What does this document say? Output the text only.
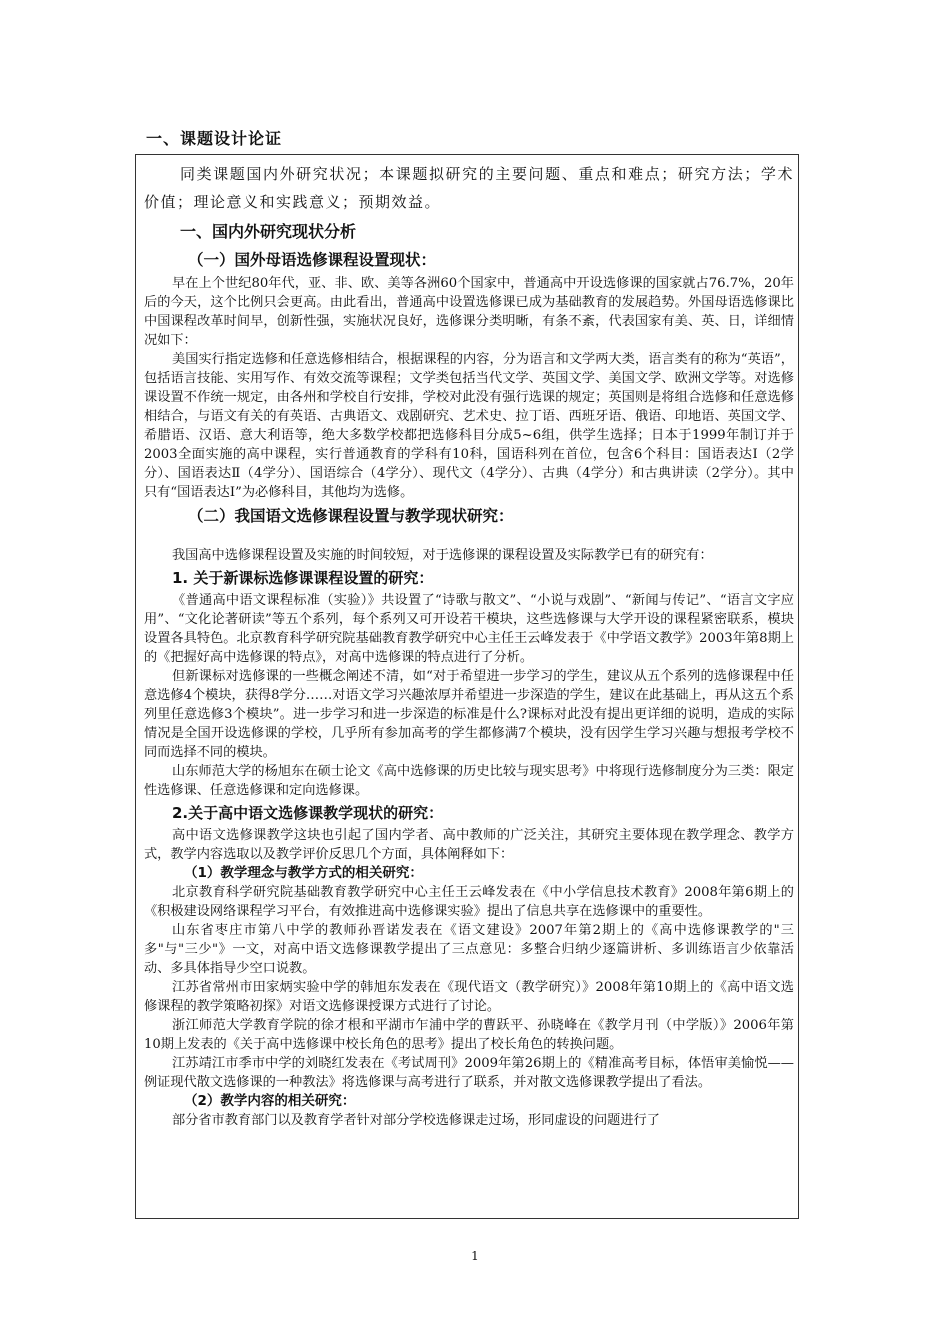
一、课题设计论证

同类课题国内外研究状况；本课题拟研究的主要问题、重点和难点；研究方法；学术价值；理论意义和实践意义；预期效益。

一、国内外研究现状分析

（一）国外母语选修课程设置现状：

早在上个世纪80年代，亚、非、欧、美等各洲60个国家中，普通高中开设选修课的国家就占76.7%，20年后的今天，这个比例只会更高。由此看出，普通高中设置选修课已成为基础教育的发展趋势。外国母语选修课比中国课程改革时间早，创新性强，实施状况良好，选修课分类明晰，有条不紊，代表国家有美、英、日，详细情况如下：

美国实行指定选修和任意选修相结合，根据课程的内容，分为语言和文学两大类，语言类有的称为“英语”，包括语言技能、实用写作、有效交流等课程；文学类包括当代文学、英国文学、美国文学、欧洲文学等。对选修课设置不作统一规定，由各州和学校自行安排，学校对此没有强行选课的规定；英国则是将组合选修和任意选修相结合，与语文有关的有英语、古典语文、戏剧研究、艺术史、拉丁语、西班牙语、俄语、印地语、英国文学、希腊语、汉语、意大利语等，绝大多数学校都把选修科目分成5~6组，供学生选择；日本于1999年制订并于2003全面实施的高中课程，实行普通教育的学科有10科，国语科列在首位，包含6个科目：国语表达Ⅰ（2学分）、国语表达Ⅱ（4学分）、国语综合（4学分）、现代文（4学分）、古典（4学分）和古典讲读（2学分）。其中只有“国语表达Ⅰ”为必修科目，其他均为选修。

（二）我国语文选修课程设置与教学现状研究：

我国高中选修课程设置及实施的时间较短，对于选修课的课程设置及实际教学已有的研究有：

1. 关于新课标选修课课程设置的研究：

《普通高中语文课程标准（实验）》共设置了“诗歌与散文”、“小说与戏剧”、“新闻与传记”、“语言文字应用”、“文化论著研读”等五个系列，每个系列又可开设若干模块，这些选修课与大学开设的课程紧密联系，模块设置各具特色。北京教育科学研究院基础教育教学研究中心主任王云峰发表于《中学语文教学》2003年第8期上的《把握好高中选修课的特点》，对高中选修课的特点进行了分析。

但新课标对选修课的一些概念阐述不清，如“对于希望进一步学习的学生，建议从五个系列的选修课程中任意选修4个模块，获得8学分……对语文学习兴趣浓厚并希望进一步深造的学生，建议在此基础上，再从这五个系列里任意选修3个模块”。进一步学习和进一步深造的标准是什么?课标对此没有提出更详细的说明，造成的实际情况是全国开设选修课的学校，几乎所有参加高考的学生都修满7个模块，没有因学生学习兴趣与想报考学校不同而选择不同的模块。

山东师范大学的杨旭东在硕士论文《高中选修课的历史比较与现实思考》中将现行选修制度分为三类：限定性选修课、任意选修课和定向选修课。

2.关于高中语文选修课教学现状的研究：

高中语文选修课教学这块也引起了国内学者、高中教师的广泛关注，其研究主要体现在教学理念、教学方式，教学内容选取以及教学评价反思几个方面，具体阐释如下：

（1）教学理念与教学方式的相关研究：

北京教育科学研究院基础教育教学研究中心主任王云峰发表在《中小学信息技术教育》2008年第6期上的《积极建设网络课程学习平台，有效推进高中选修课实验》提出了信息共享在选修课中的重要性。

山东省枣庄市第八中学的教师孙晋诺发表在《语文建设》2007年第2期上的《高中选修课教学的"三多"与"三少"》一文，对高中语文选修课教学提出了三点意见：多整合归纳少逐篇讲析、多训练语言少依靠活动、多具体指导少空口说教。

江苏省常州市田家炳实验中学的韩旭东发表在《现代语文（教学研究）》2008年第10期上的《高中语文选修课程的教学策略初探》对语文选修课授课方式进行了讨论。

浙江师范大学教育学院的徐才根和平湖市乍浦中学的曹跃平、孙晓峰在《教学月刊（中学版）》2006年第10期上发表的《关于高中选修课中校长角色的思考》提出了校长角色的转换问题。

江苏靖江市季市中学的刘晓红发表在《考试周刊》2009年第26期上的《精准高考目标，体悟审美愉悦——例证现代散文选修课的一种教法》将选修课与高考进行了联系，并对散文选修课教学提出了看法。

（2）教学内容的相关研究：

部分省市教育部门以及教育学者针对部分学校选修课走过场，形同虚设的问题进行了

1
